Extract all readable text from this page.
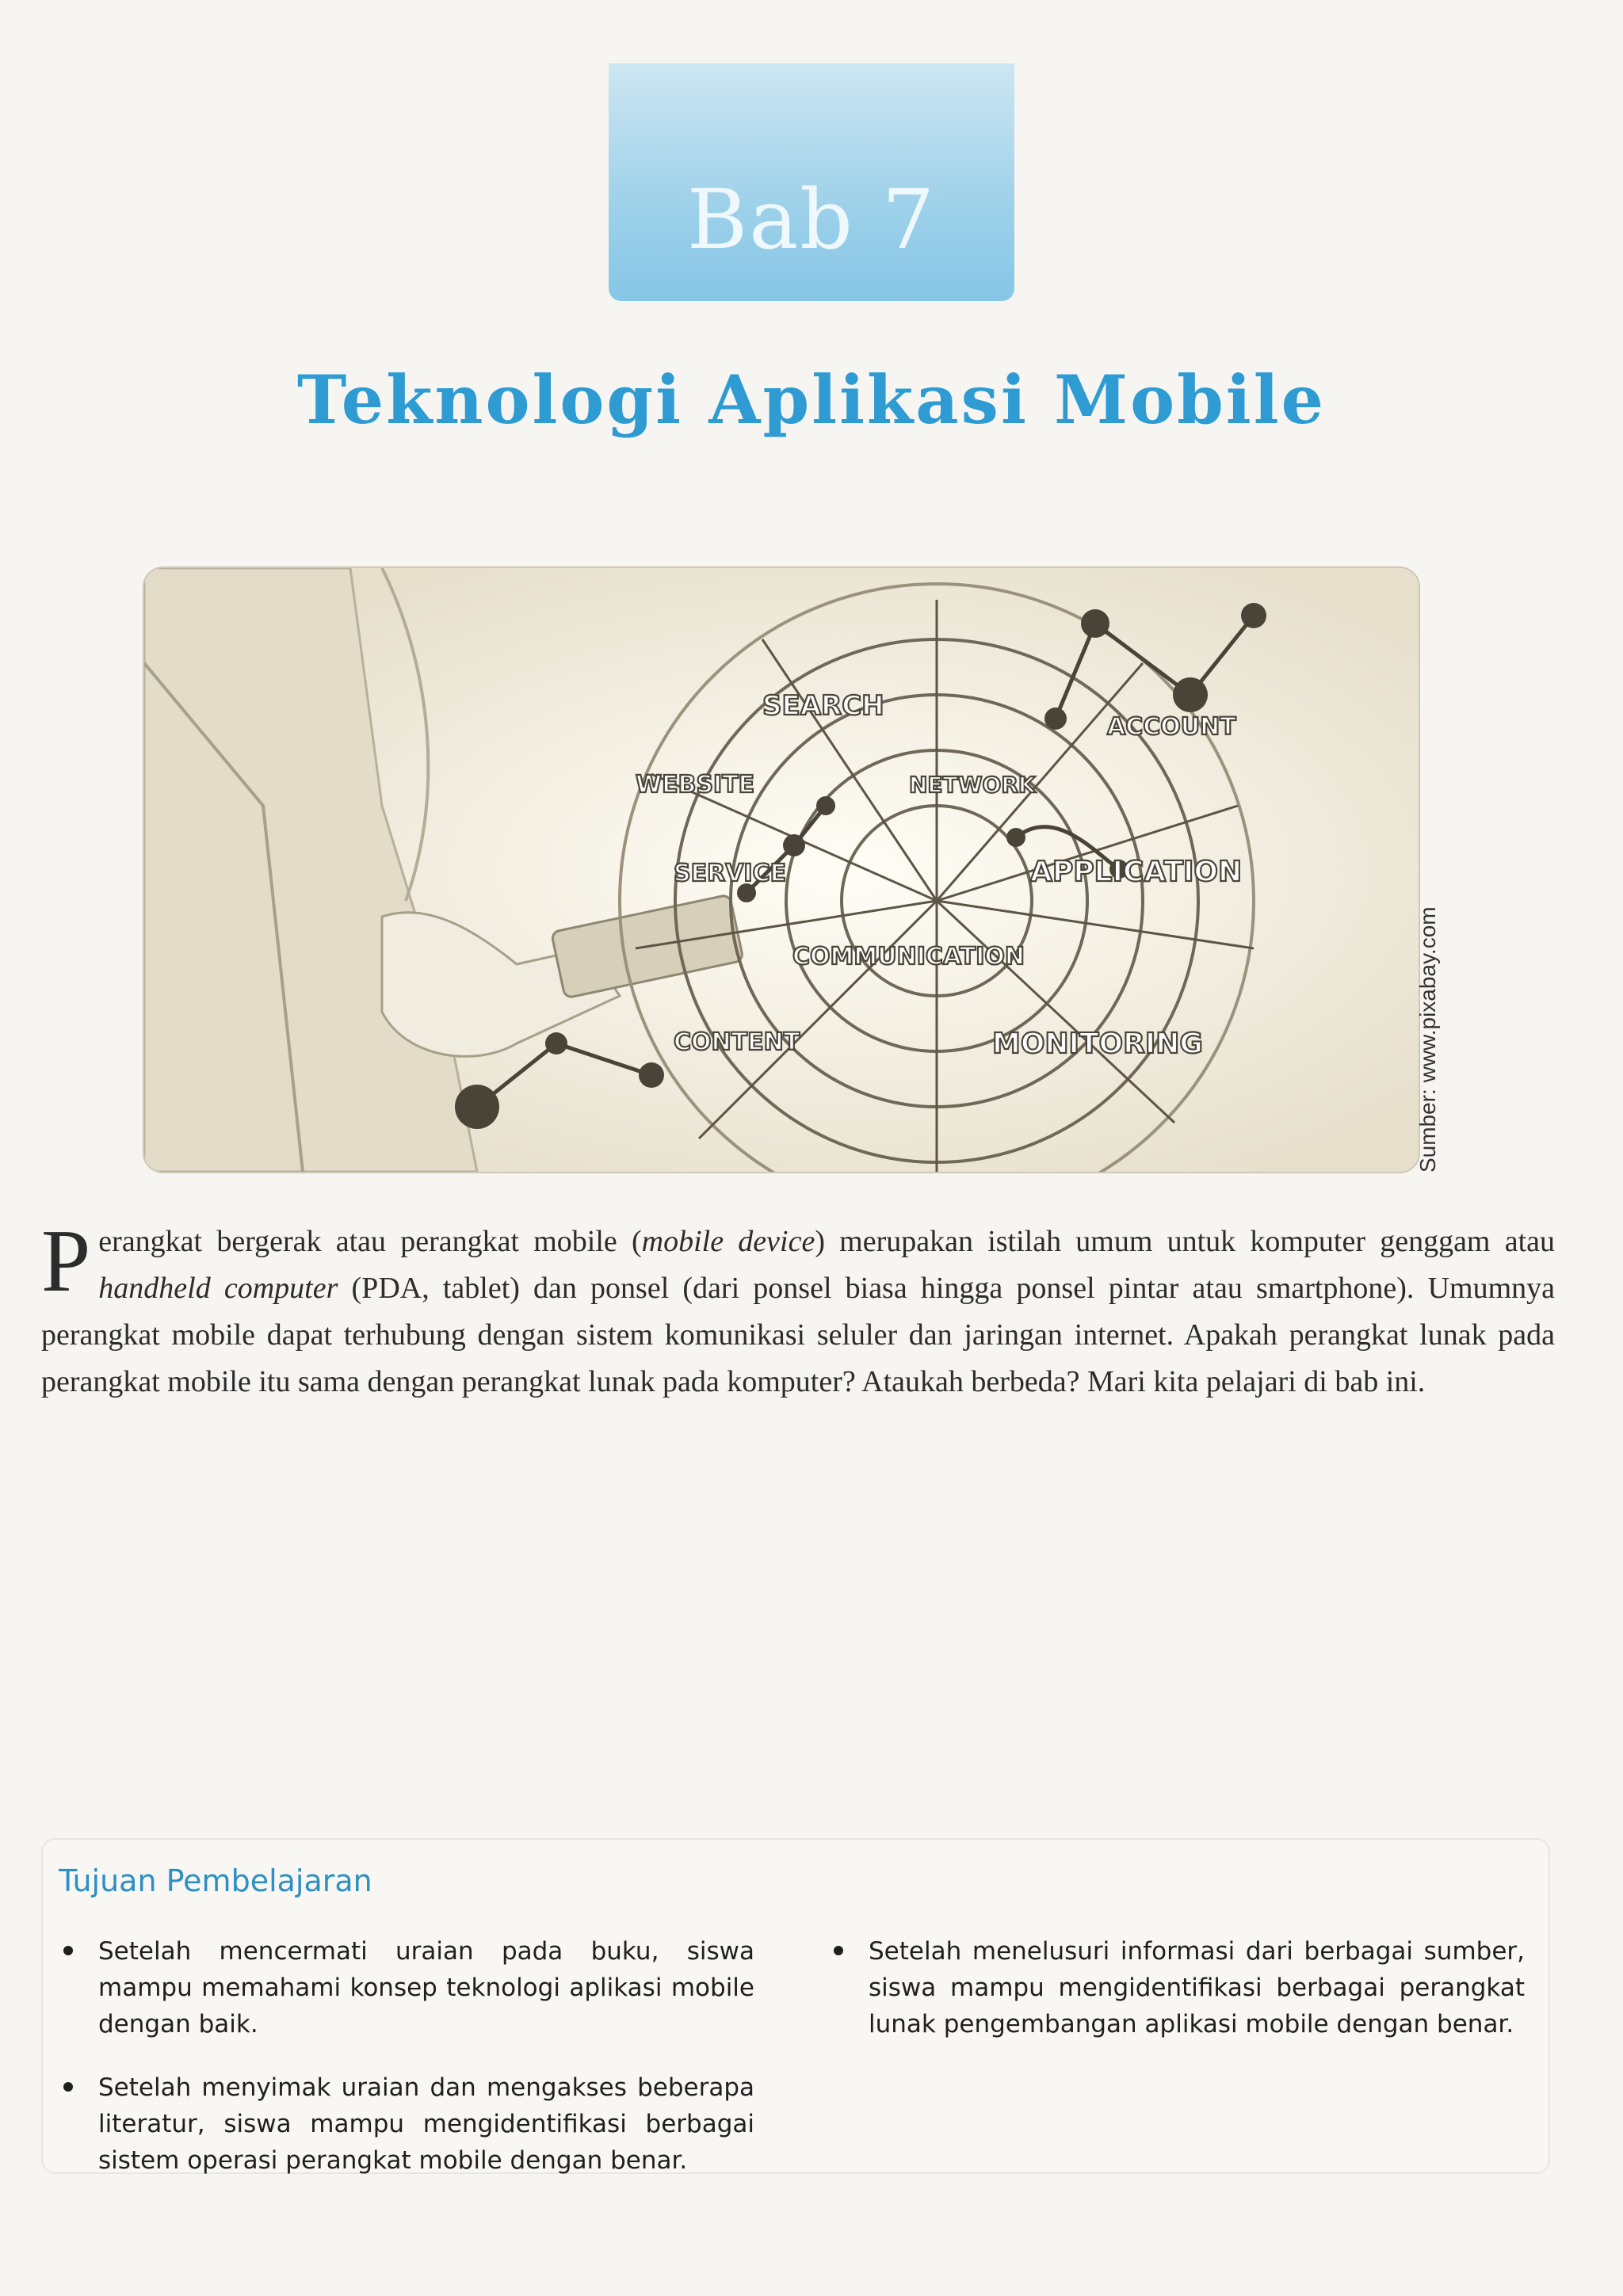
Bab 7
Teknologi Aplikasi Mobile
SEARCH
ACCOUNT
WEBSITE	NETWORK
APPLICATION
SERVICE
COMMUNICATION
CONTENT	MONITORING	Sumber: www.pixabay.com
Perangkat bergerak atau perangkat mobile (mobile device) merupakan istilah umum untuk komputer genggam atau handheld computer (PDA, tablet) dan ponsel (dari ponsel biasa hingga ponsel pintar atau smartphone). Umumnya perangkat mobile dapat terhubung dengan sistem komunikasi seluler dan jaringan internet. Apakah perangkat lunak pada perangkat mobile itu sama dengan perangkat lunak pada komputer? Ataukah berbeda? Mari kita pelajari di bab ini.
Tujuan Pembelajaran
Setelah mencermati uraian pada buku, siswa mampu memahami konsep teknologi aplikasi mobile dengan baik.
Setelah menyimak uraian dan mengakses beberapa literatur, siswa mampu mengidentifikasi berbagai sistem operasi perangkat mobile dengan benar.
Setelah menelusuri informasi dari berbagai sumber, siswa mampu mengidentifikasi berbagai perangkat lunak pengembangan aplikasi mobile dengan benar.
